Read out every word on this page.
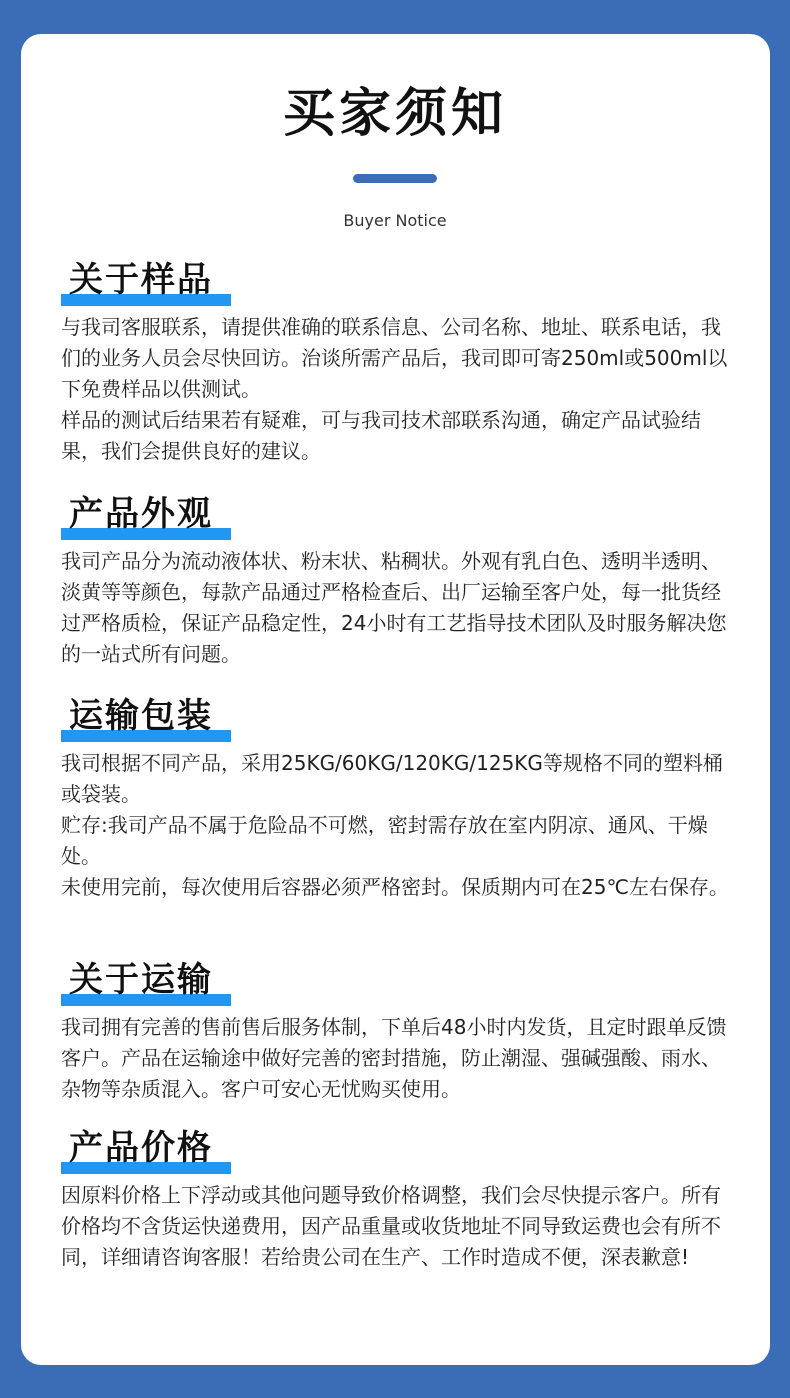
买家须知
Buyer Notice
关于样品

与我司客服联系，请提供准确的联系信息、公司名称、地址、联系电话，我们的业务人员会尽快回访。治谈所需产品后，我司即可寄250ml或500ml以下免费样品以供测试。

样品的测试后结果若有疑难，可与我司技术部联系沟通，确定产品试验结果，我们会提供良好的建议。

产品外观

我司产品分为流动液体状、粉末状、粘稠状。外观有乳白色、透明半透明、淡黄等等颜色，每款产品通过严格检查后、出厂运输至客户处，每一批货经过严格质检，保证产品稳定性，24小时有工艺指导技术团队及时服务解决您的一站式所有问题。

运输包装

我司根据不同产品，采用25KG/60KG/120KG/125KG等规格不同的塑料桶或袋装。

贮存:我司产品不属于危险品不可燃，密封需存放在室内阴凉、通风、干燥处。

未使用完前，每次使用后容器必须严格密封。保质期内可在25℃左右保存。

关于运输

我司拥有完善的售前售后服务体制，下单后48小时内发货，且定时跟单反馈客户。产品在运输途中做好完善的密封措施，防止潮湿、强碱强酸、雨水、杂物等杂质混入。客户可安心无忧购买使用。

产品价格

因原料价格上下浮动或其他问题导致价格调整，我们会尽快提示客户。所有价格均不含货运快递费用，因产品重量或收货地址不同导致运费也会有所不同，详细请咨询客服！若给贵公司在生产、工作时造成不便，深表歉意!
